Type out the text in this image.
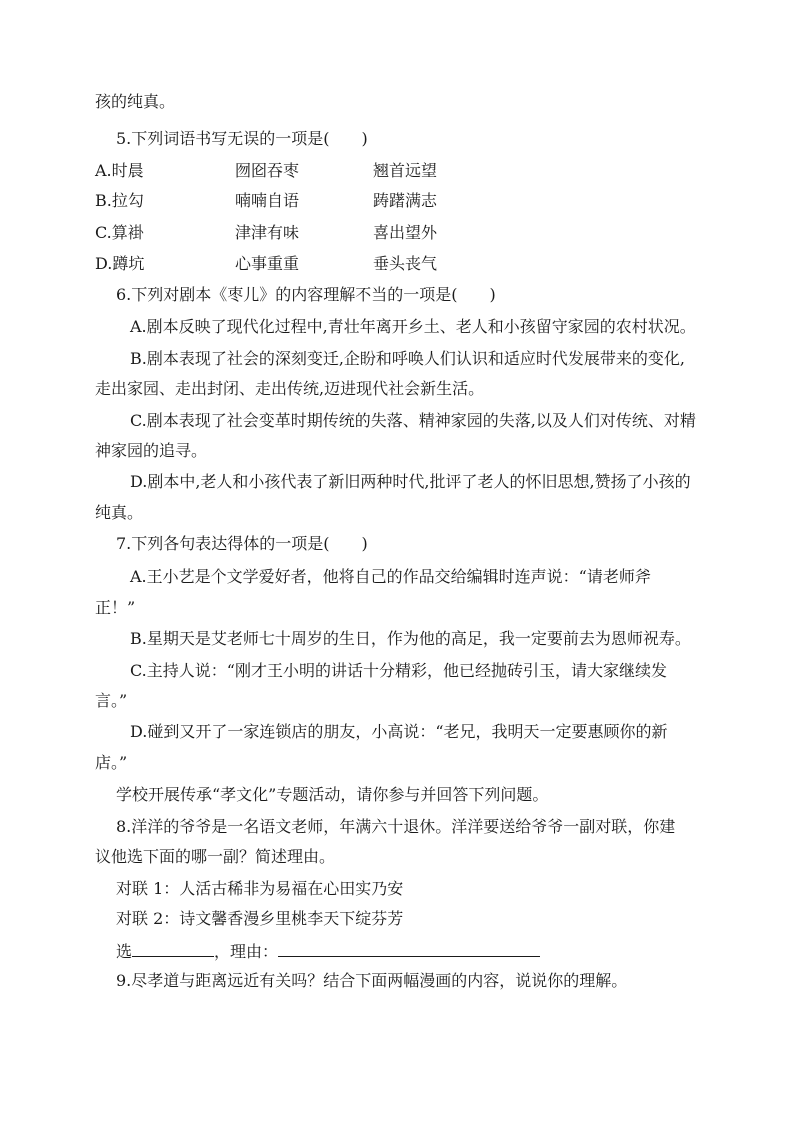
孩的纯真。
5.下列词语书写无误的一项是(　　)
A.时晨	囫囵吞枣	翘首远望
B.拉勾	喃喃自语	踌躇满志
C.算褂	津津有味	喜出望外
D.蹲坑	心事重重	垂头丧气
6.下列对剧本《枣儿》的内容理解不当的一项是(　　)
A.剧本反映了现代化过程中,青壮年离开乡土、老人和小孩留守家园的农村状况。
B.剧本表现了社会的深刻变迁,企盼和呼唤人们认识和适应时代发展带来的变化,
走出家园、走出封闭、走出传统,迈进现代社会新生活。
C.剧本表现了社会变革时期传统的失落、精神家园的失落,以及人们对传统、对精
神家园的追寻。
D.剧本中,老人和小孩代表了新旧两种时代,批评了老人的怀旧思想,赞扬了小孩的
纯真。
7.下列各句表达得体的一项是(　　)
A.王小艺是个文学爱好者，他将自己的作品交给编辑时连声说：“请老师斧
正！”
B.星期天是艾老师七十周岁的生日，作为他的高足，我一定要前去为恩师祝寿。
C.主持人说：“刚才王小明的讲话十分精彩，他已经抛砖引玉，请大家继续发
言。”
D.碰到又开了一家连锁店的朋友，小高说：“老兄，我明天一定要惠顾你的新
店。”
学校开展传承“孝文化”专题活动，请你参与并回答下列问题。
8.洋洋的爷爷是一名语文老师，年满六十退休。洋洋要送给爷爷一副对联，你建
议他选下面的哪一副？简述理由。
对联 1：人活古稀非为易福在心田实乃安
对联 2：诗文馨香漫乡里桃李天下绽芬芳
选	，理由：
9.尽孝道与距离远近有关吗？结合下面两幅漫画的内容，说说你的理解。
